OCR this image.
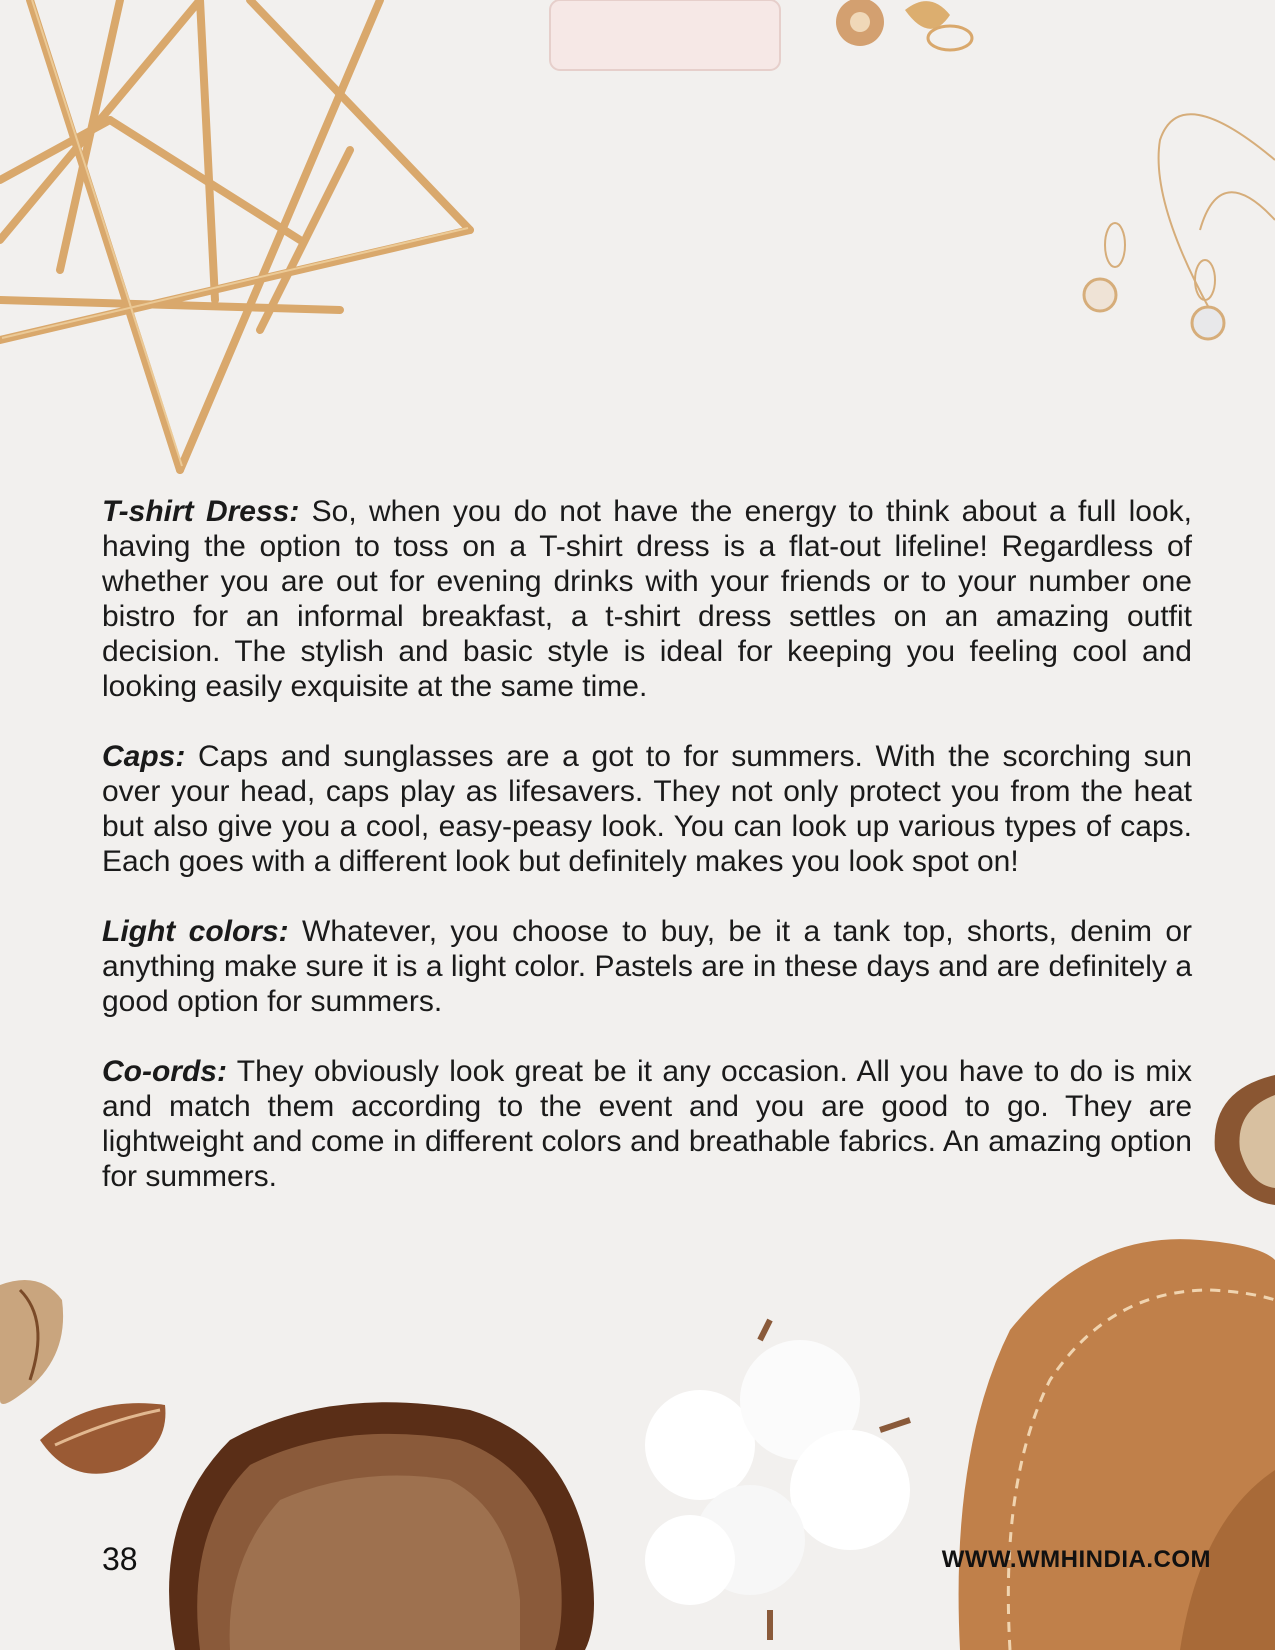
T-shirt Dress: So, when you do not have the energy to think about a full look, having the option to toss on a T-shirt dress is a flat-out lifeline! Regardless of whether you are out for evening drinks with your friends or to your number one bistro for an informal breakfast, a t-shirt dress settles on an amazing outfit decision. The stylish and basic style is ideal for keeping you feeling cool and looking easily exquisite at the same time.

Caps: Caps and sunglasses are a got to for summers. With the scorching sun over your head, caps play as lifesavers. They not only protect you from the heat but also give you a cool, easy-peasy look. You can look up various types of caps. Each goes with a different look but definitely makes you look spot on!

Light colors: Whatever, you choose to buy, be it a tank top, shorts, denim or anything make sure it is a light color. Pastels are in these days and are definitely a good option for summers.

Co-ords: They obviously look great be it any occasion. All you have to do is mix and match them according to the event and you are good to go. They are lightweight and come in different colors and breathable fabrics. An amazing option for summers.

38	WWW.WMHINDIA.COM
